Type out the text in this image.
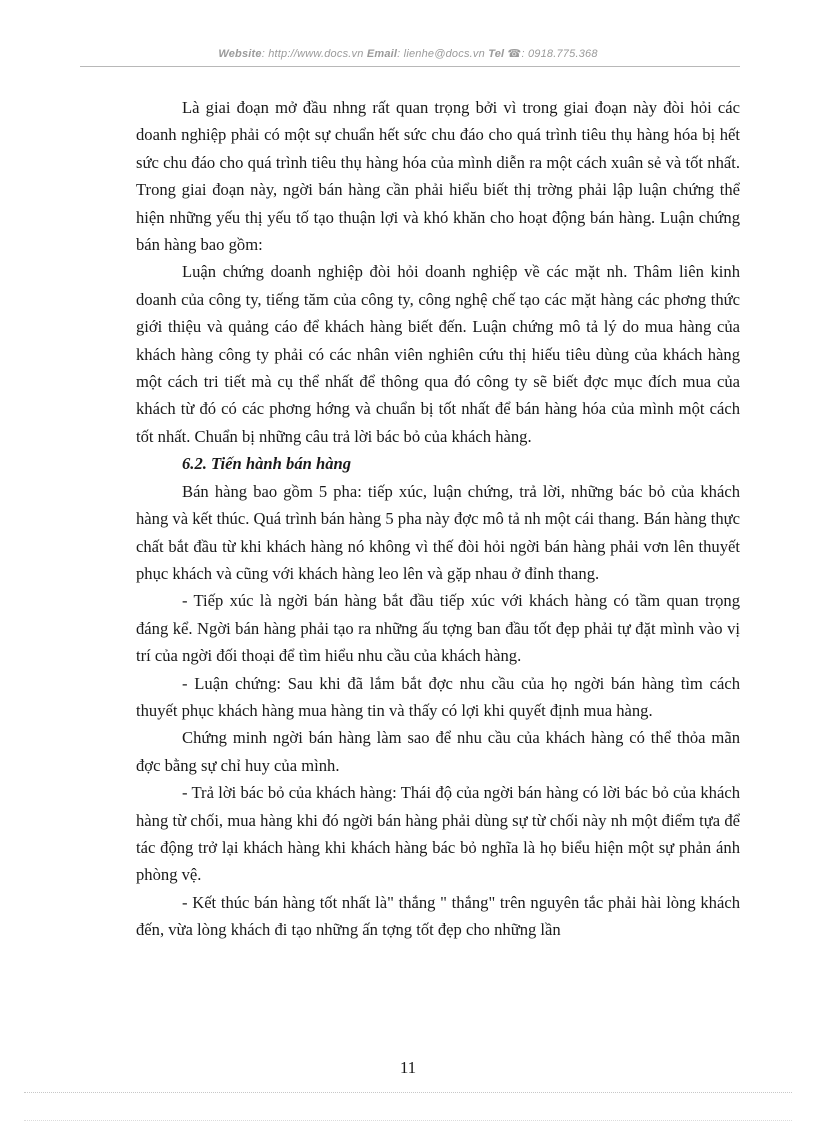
Website: http://www.docs.vn Email: lienhe@docs.vn Tel ☎: 0918.775.368

Là giai đoạn mở đầu nhng rất quan trọng bởi vì trong giai đoạn này đòi hỏi các doanh nghiệp phải có một sự chuẩn hết sức chu đáo cho quá trình tiêu thụ hàng hóa bị hết sức chu đáo cho quá trình tiêu thụ hàng hóa của mình diễn ra một cách xuân sẻ và tốt nhất. Trong giai đoạn này, ngời bán hàng cần phải hiểu biết thị trờng phải lập luận chứng thể hiện những yếu thị yếu tố tạo thuận lợi và khó khăn cho hoạt động bán hàng. Luận chứng bán hàng bao gồm:

Luận chứng doanh nghiệp đòi hỏi doanh nghiệp về các mặt nh. Thâm liên kinh doanh của công ty, tiếng tăm của công ty, công nghệ chế tạo các mặt hàng các phơng thức giới thiệu và quảng cáo để khách hàng biết đến. Luận chứng mô tả lý do mua hàng của khách hàng công ty phải có các nhân viên nghiên cứu thị hiếu tiêu dùng của khách hàng một cách tri tiết mà cụ thể nhất để thông qua đó công ty sẽ biết đợc mục đích mua của khách từ đó có các phơng hớng và chuẩn bị tốt nhất để bán hàng hóa của mình một cách tốt nhất. Chuẩn bị những câu trả lời bác bỏ của khách hàng.

6.2. Tiến hành bán hàng

Bán hàng bao gồm 5 pha: tiếp xúc, luận chứng, trả lời, những bác bỏ của khách hàng và kết thúc. Quá trình bán hàng 5 pha này đợc mô tả nh một cái thang. Bán hàng thực chất bắt đầu từ khi khách hàng nó không vì thế đòi hỏi ngời bán hàng phải vơn lên thuyết phục khách và cũng với khách hàng leo lên và gặp nhau ở đỉnh thang.

- Tiếp xúc là ngời bán hàng bắt đầu tiếp xúc với khách hàng có tầm quan trọng đáng kể. Ngời bán hàng phải tạo ra những ấu tợng ban đầu tốt đẹp phải tự đặt mình vào vị trí của ngời đối thoại để tìm hiểu nhu cầu của khách hàng.

- Luận chứng: Sau khi đã lắm bắt đợc nhu cầu của họ ngời bán hàng tìm cách thuyết phục khách hàng mua hàng tin và thấy có lợi khi quyết định mua hàng.

Chứng minh ngời bán hàng làm sao để nhu cầu của khách hàng có thể thỏa mãn đợc bằng sự chỉ huy của mình.

- Trả lời bác bỏ của khách hàng: Thái độ của ngời bán hàng có lời bác bỏ của khách hàng từ chối, mua hàng khi đó ngời bán hàng phải dùng sự từ chối này nh một điểm tựa để tác động trở lại khách hàng khi khách hàng bác bỏ nghĩa là họ biểu hiện một sự phản ánh phòng vệ.

- Kết thúc bán hàng tốt nhất là" thắng " thắng" trên nguyên tắc phải hài lòng khách đến, vừa lòng khách đi tạo những ấn tợng tốt đẹp cho những lần

11
